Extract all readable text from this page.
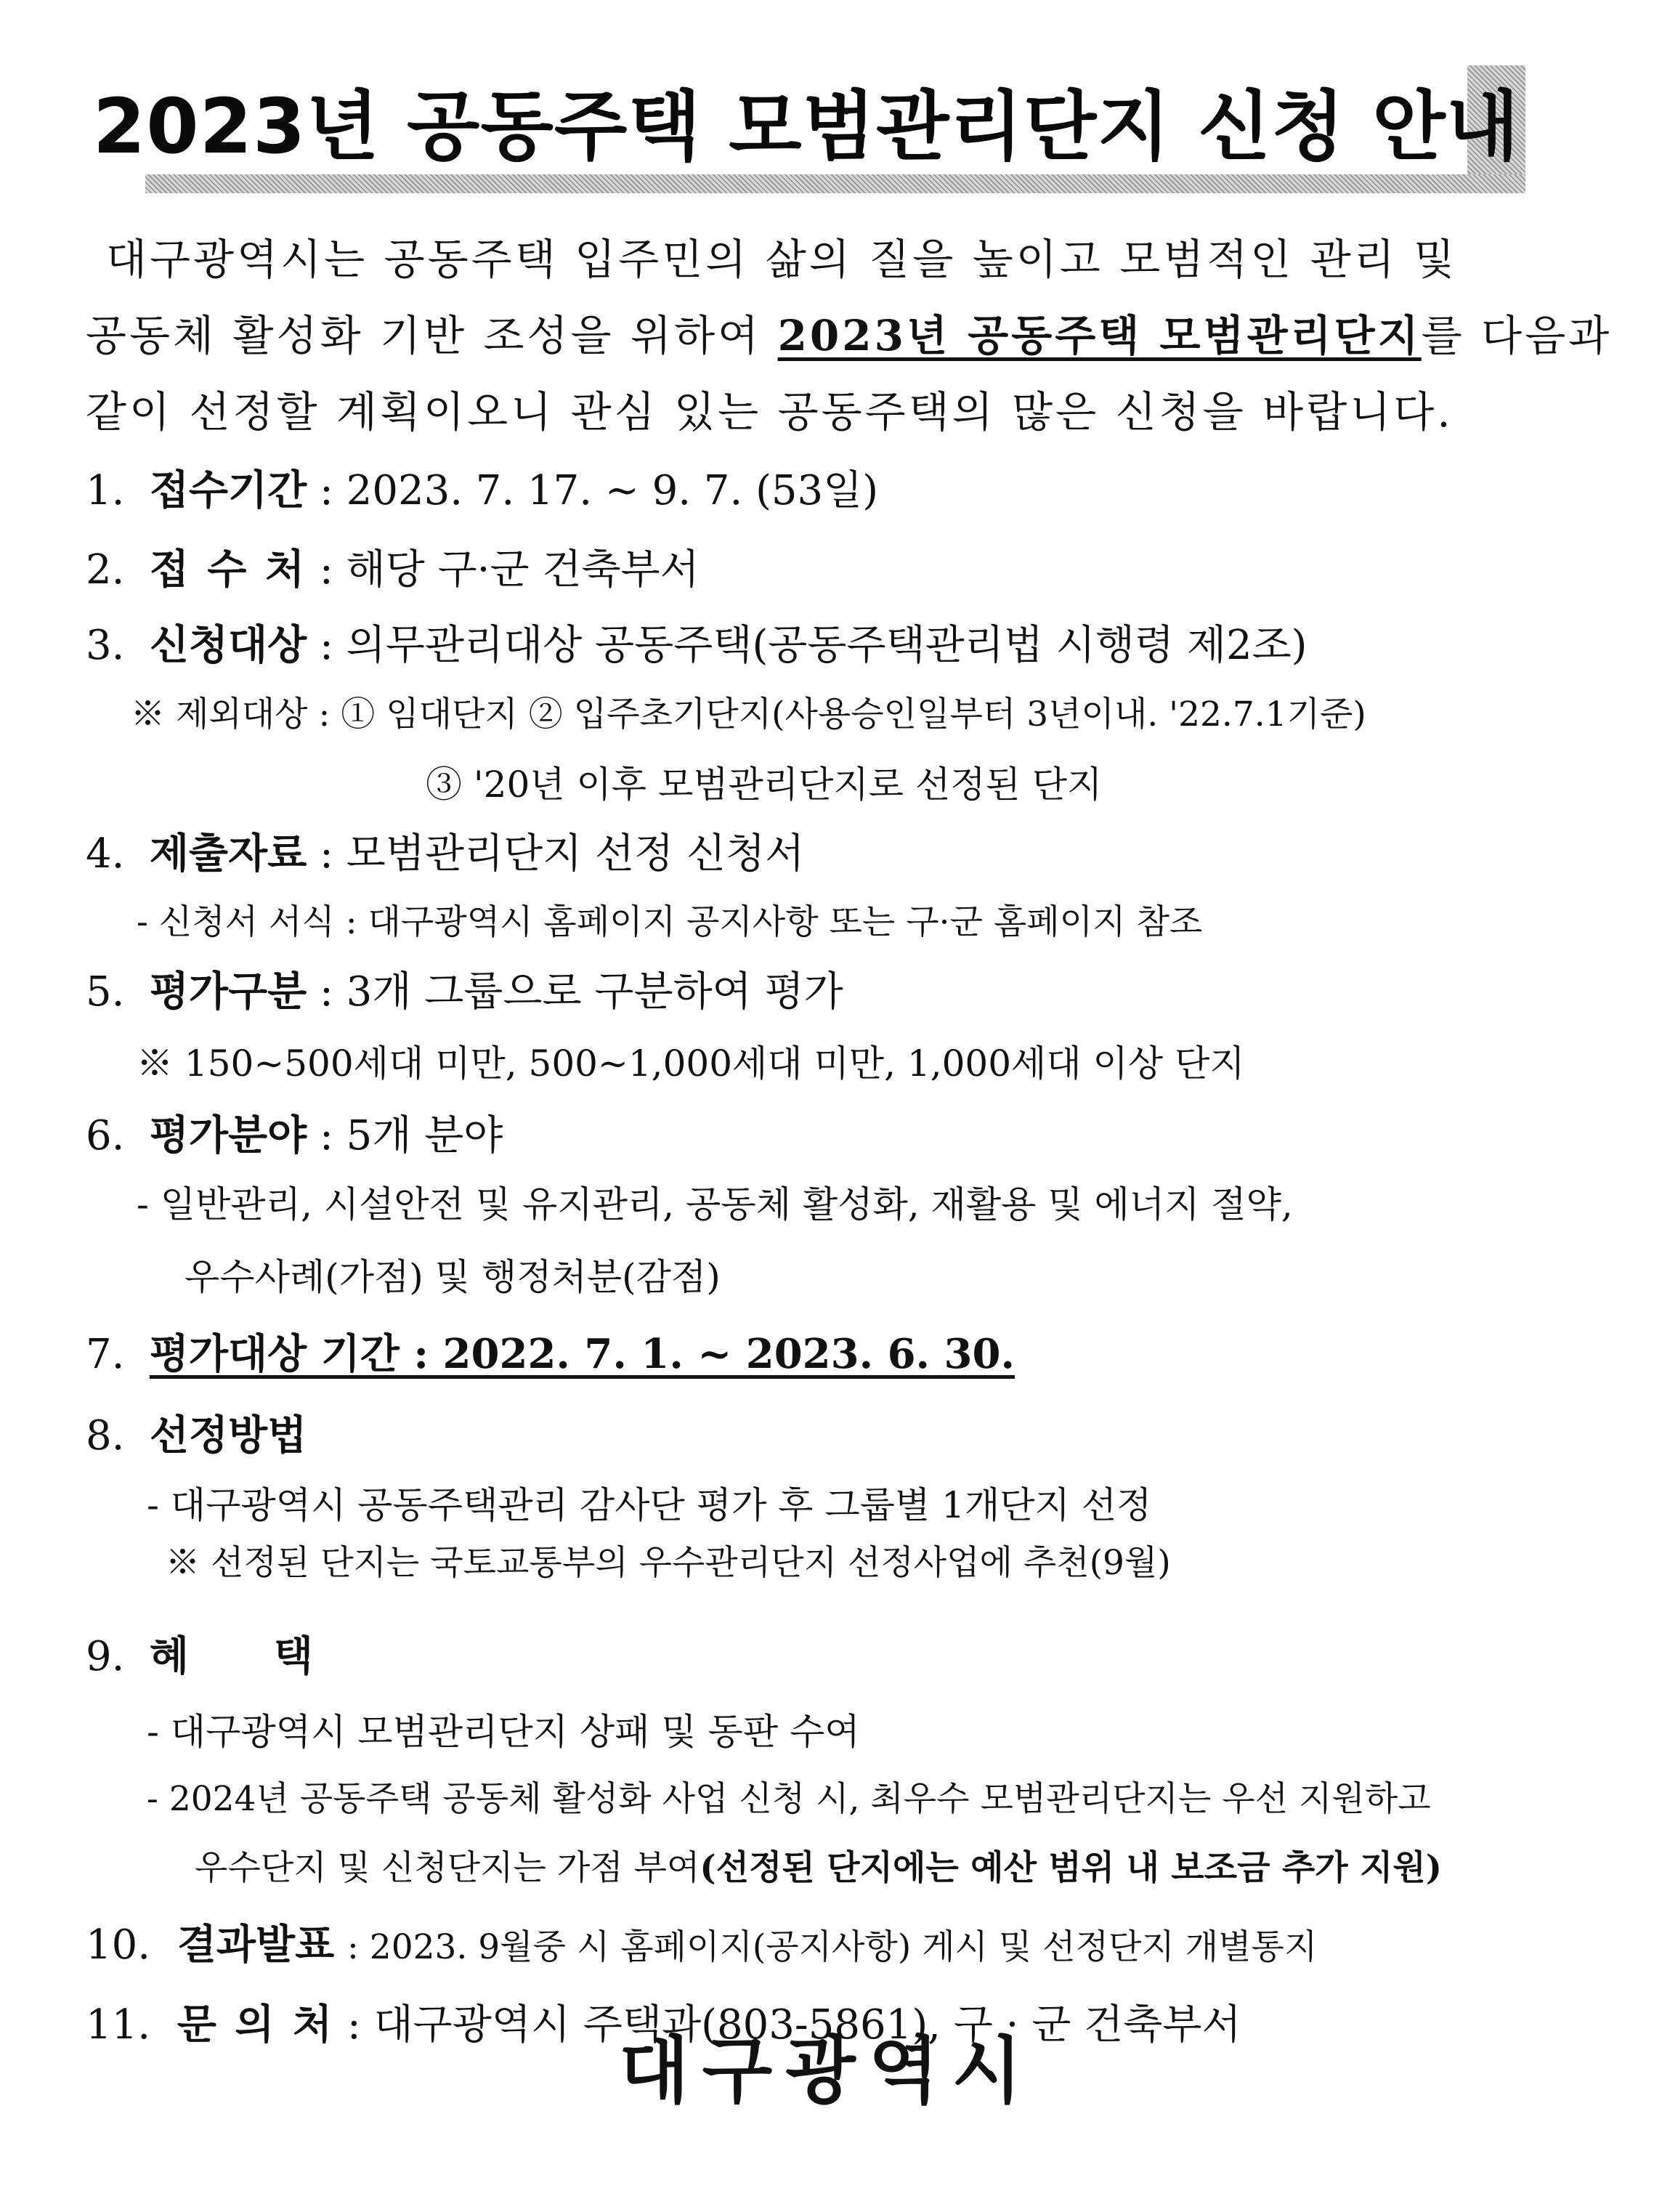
2023년 공동주택 모범관리단지 신청 안내
대구광역시는 공동주택 입주민의 삶의 질을 높이고 모범적인 관리 및
공동체 활성화 기반 조성을 위하여 2023년 공동주택 모범관리단지를 다음과
같이 선정할 계획이오니 관심 있는 공동주택의 많은 신청을 바랍니다.
1. 접수기간 : 2023. 7. 17. ~ 9. 7. (53일)
2. 접 수 처 : 해당 구·군 건축부서
3. 신청대상 : 의무관리대상 공동주택(공동주택관리법 시행령 제2조)
※ 제외대상 : ① 임대단지 ② 입주초기단지(사용승인일부터 3년이내. '22.7.1기준)
③ '20년 이후 모범관리단지로 선정된 단지
4. 제출자료 : 모범관리단지 선정 신청서
- 신청서 서식 : 대구광역시 홈페이지 공지사항 또는 구·군 홈페이지 참조
5. 평가구분 : 3개 그룹으로 구분하여 평가
※ 150~500세대 미만, 500~1,000세대 미만, 1,000세대 이상 단지
6. 평가분야 : 5개 분야
- 일반관리, 시설안전 및 유지관리, 공동체 활성화, 재활용 및 에너지 절약,
우수사례(가점) 및 행정처분(감점)
7. 평가대상 기간 : 2022. 7. 1. ~ 2023. 6. 30.
8. 선정방법
- 대구광역시 공동주택관리 감사단 평가 후 그룹별 1개단지 선정
※ 선정된 단지는 국토교통부의 우수관리단지 선정사업에 추천(9월)
9. 혜      택
- 대구광역시 모범관리단지 상패 및 동판 수여
- 2024년 공동주택 공동체 활성화 사업 신청 시, 최우수 모범관리단지는 우선 지원하고
우수단지 및 신청단지는 가점 부여(선정된 단지에는 예산 범위 내 보조금 추가 지원)
10. 결과발표 : 2023. 9월중 시 홈페이지(공지사항) 게시 및 선정단지 개별통지
11. 문 의 처 : 대구광역시 주택과(803-5861), 구 · 군 건축부서
대구광역시
